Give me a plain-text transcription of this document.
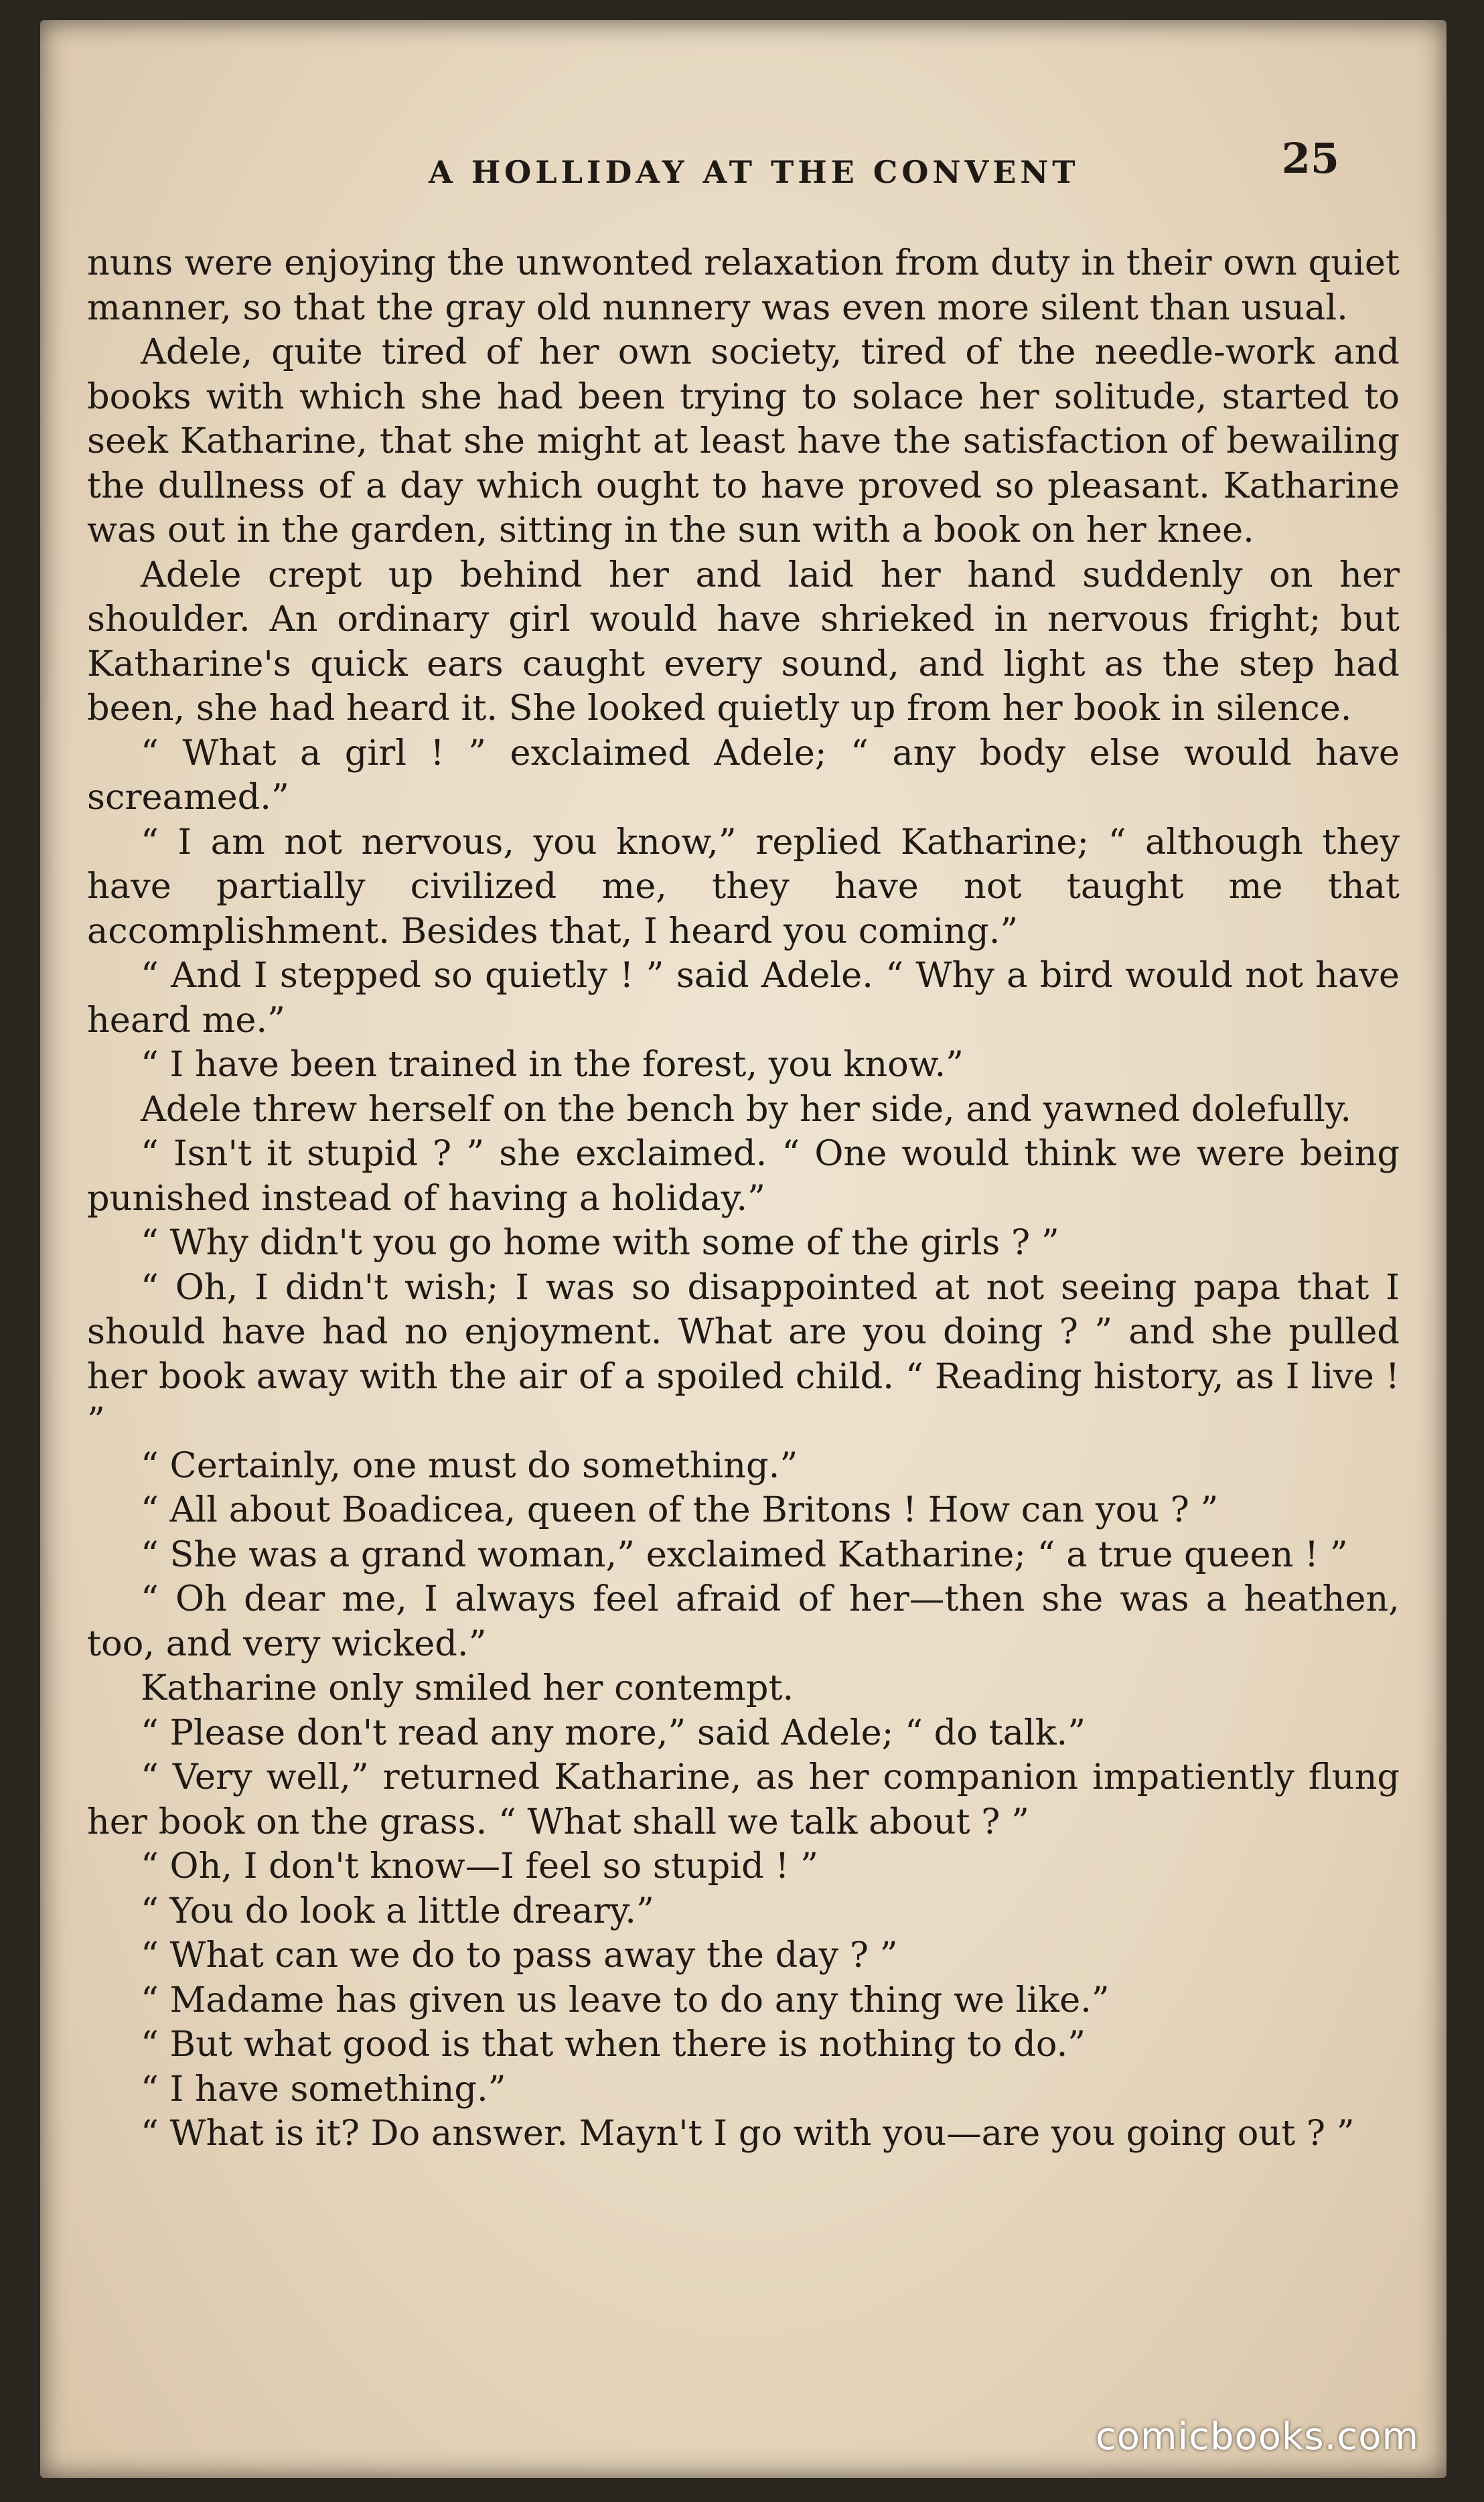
A HOLLIDAY AT THE CONVENT	25

nuns were enjoying the unwonted relaxation from duty in their own quiet manner, so that the gray old nunnery was even more silent than usual.

Adele, quite tired of her own society, tired of the needle-work and books with which she had been trying to solace her solitude, started to seek Katharine, that she might at least have the satisfaction of bewailing the dullness of a day which ought to have proved so pleasant. Katharine was out in the garden, sitting in the sun with a book on her knee.

Adele crept up behind her and laid her hand suddenly on her shoulder. An ordinary girl would have shrieked in nervous fright; but Katharine's quick ears caught every sound, and light as the step had been, she had heard it. She looked quietly up from her book in silence.

“ What a girl ! ” exclaimed Adele; “ any body else would have screamed.”

“ I am not nervous, you know,” replied Katharine; “ although they have partially civilized me, they have not taught me that accomplishment. Besides that, I heard you coming.”

“ And I stepped so quietly ! ” said Adele. “ Why a bird would not have heard me.”

“ I have been trained in the forest, you know.”

Adele threw herself on the bench by her side, and yawned dolefully.

“ Isn't it stupid ? ” she exclaimed. “ One would think we were being punished instead of having a holiday.”

“ Why didn't you go home with some of the girls ? ”

“ Oh, I didn't wish; I was so disappointed at not seeing papa that I should have had no enjoyment. What are you doing ? ” and she pulled her book away with the air of a spoiled child. “ Reading history, as I live ! ”

“ Certainly, one must do something.”

“ All about Boadicea, queen of the Britons ! How can you ? ”

“ She was a grand woman,” exclaimed Katharine; “ a true queen ! ”

“ Oh dear me, I always feel afraid of her—then she was a heathen, too, and very wicked.”

Katharine only smiled her contempt.

“ Please don't read any more,” said Adele; “ do talk.”

“ Very well,” returned Katharine, as her companion impatiently flung her book on the grass. “ What shall we talk about ? ”

“ Oh, I don't know—I feel so stupid ! ”

“ You do look a little dreary.”

“ What can we do to pass away the day ? ”

“ Madame has given us leave to do any thing we like.”

“ But what good is that when there is nothing to do.”

“ I have something.”

“ What is it? Do answer. Mayn't I go with you—are you going out ? ”

comicbooks.com
